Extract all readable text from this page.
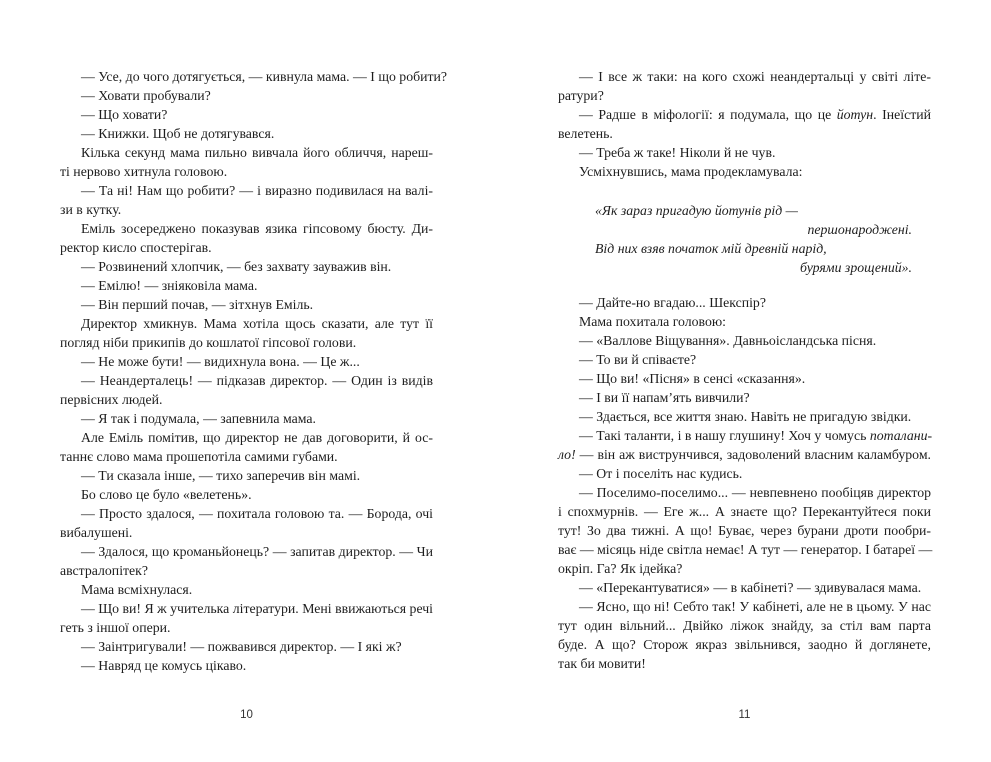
— Усе, до чого дотягується, — кивнула мама. — І що робити?
— Ховати пробували?
— Що ховати?
— Книжки. Щоб не дотягувався.
Кілька секунд мама пильно вивчала його обличчя, нареш-
ті нервово хитнула головою.
— Та ні! Нам що робити? — і виразно подивилася на валі-
зи в кутку.
Еміль зосереджено показував язика гіпсовому бюсту. Ди-
ректор кисло спостерігав.
— Розвинений хлопчик, — без захвату зауважив він.
— Емілю! — зніяковіла мама.
— Він перший почав, — зітхнув Еміль.
Директор хмикнув. Мама хотіла щось сказати, але тут її
погляд ніби прикипів до кошлатої гіпсової голови.
— Не може бути! — видихнула вона. — Це ж...
— Неандерталець! — підказав директор. — Один із видів
первісних людей.
— Я так і подумала, — запевнила мама.
Але Еміль помітив, що директор не дав договорити, й ос-
таннє слово мама прошепотіла самими губами.
— Ти сказала інше, — тихо заперечив він мамі.
Бо слово це було «велетень».
— Просто здалося, — похитала головою та. — Борода, очі
вибалушені.
— Здалося, що кроманьйонець? — запитав директор. — Чи
австралопітек?
Мама всміхнулася.
— Що ви! Я ж учителька літератури. Мені ввижаються речі
геть з іншої опери.
— Заінтригували! — пожвавився директор. — І які ж?
— Навряд це комусь цікаво.
— І все ж таки: на кого схожі неандертальці у світі літе-
ратури?
— Радше в міфології: я подумала, що це йотун. Інеїстий
велетень.
— Треба ж таке! Ніколи й не чув.
Усміхнувшись, мама продекламувала:
«Як зараз пригадую йотунів рід —
першонароджені.
Від них взяв початок мій древній нарід,
бурями зрощений».
— Дайте-но вгадаю... Шекспір?
Мама похитала головою:
— «Валлове Віщування». Давньоісландська пісня.
— То ви й співаєте?
— Що ви! «Пісня» в сенсі «сказання».
— І ви її напам’ять вивчили?
— Здається, все життя знаю. Навіть не пригадую звідки.
— Такі таланти, і в нашу глушину! Хоч у чомусь поталани-
ло! — він аж виструнчився, задоволений власним каламбуром.
— От і поселіть нас кудись.
— Поселимо-поселимо... — невпевнено пообіцяв директор
і спохмурнів. — Еге ж... А знаєте що? Перекантуйтеся поки
тут! Зо два тижні. А що! Буває, через бурани дроти пообри-
ває — місяць ніде світла немає! А тут — генератор. І батареї —
окріп. Га? Як ідейка?
— «Перекантуватися» — в кабінеті? — здивувалася мама.
— Ясно, що ні! Себто так! У кабінеті, але не в цьому. У нас
тут один вільний... Двійко ліжок знайду, за стіл вам парта
буде. А що? Сторож якраз звільнився, заодно й доглянете,
так би мовити!
10	11
